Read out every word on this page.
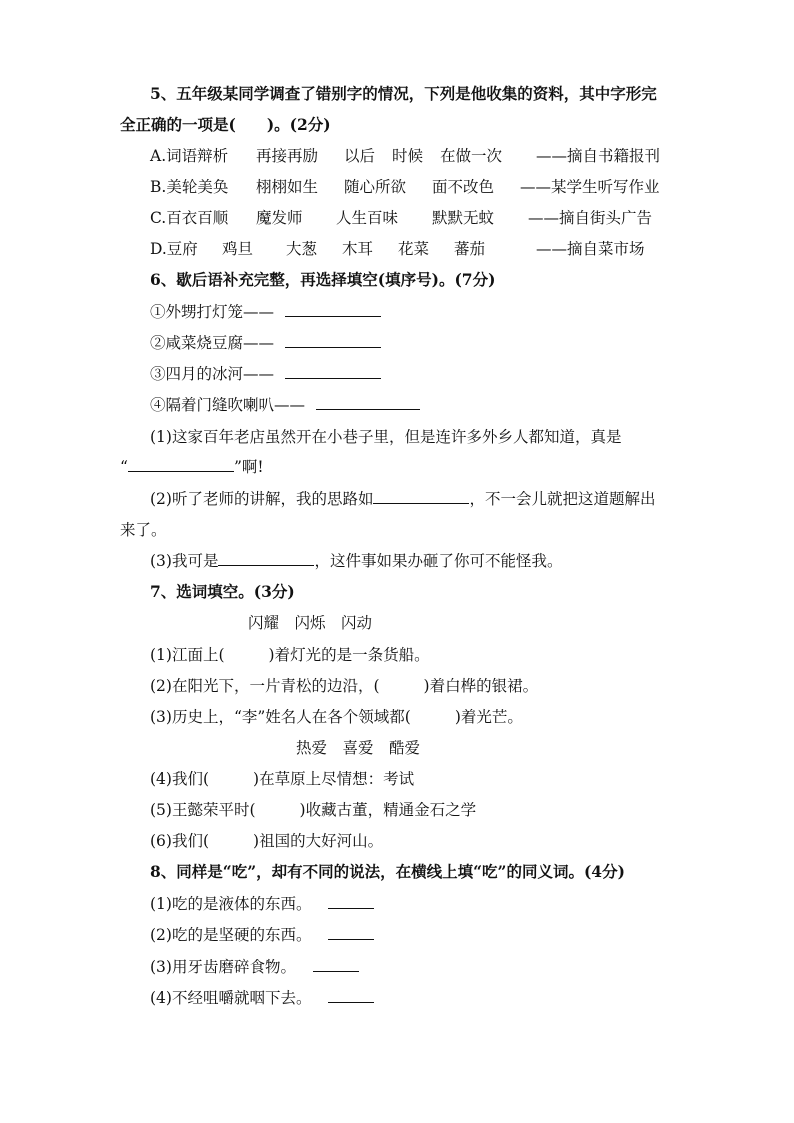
5、五年级某同学调查了错别字的情况，下列是他收集的资料，其中字形完
全正确的一项是(　　)。(2分)
A.词语辩析 再接再励 以后 时候 在做一次 ——摘自书籍报刊
B.美轮美奂 栩栩如生 随心所欲 面不改色 ——某学生听写作业
C.百衣百顺 魔发师 人生百味 默默无蚊 ——摘自街头广告
D.豆府 鸡旦 大葱 木耳 花菜 蕃茄	——摘自菜市场
6、歇后语补充完整，再选择填空(填序号)。(7分)
①外甥打灯笼——
②咸菜烧豆腐——
③四月的冰河——
④隔着门缝吹喇叭——
(1)这家百年老店虽然开在小巷子里，但是连许多外乡人都知道，真是
“	”啊!
(2)听了老师的讲解，我的思路如	，不一会儿就把这道题解出
来了。
(3)我可是	，这件事如果办砸了你可不能怪我。
7、选词填空。(3分)
闪耀　闪烁　闪动
(1)江面上(	)着灯光的是一条货船。
(2)在阳光下，一片青松的边沿，(	)着白桦的银裙。
(3)历史上，“李”姓名人在各个领域都(	)着光芒。
热爱　喜爱　酷爱
(4)我们(	)在草原上尽情想：考试
(5)王懿荣平时(	)收藏古董，精通金石之学
(6)我们(	)祖国的大好河山。
8、同样是“吃”，却有不同的说法，在横线上填“吃”的同义词。(4分)
(1)吃的是液体的东西。
(2)吃的是坚硬的东西。
(3)用牙齿磨碎食物。
(4)不经咀嚼就咽下去。
